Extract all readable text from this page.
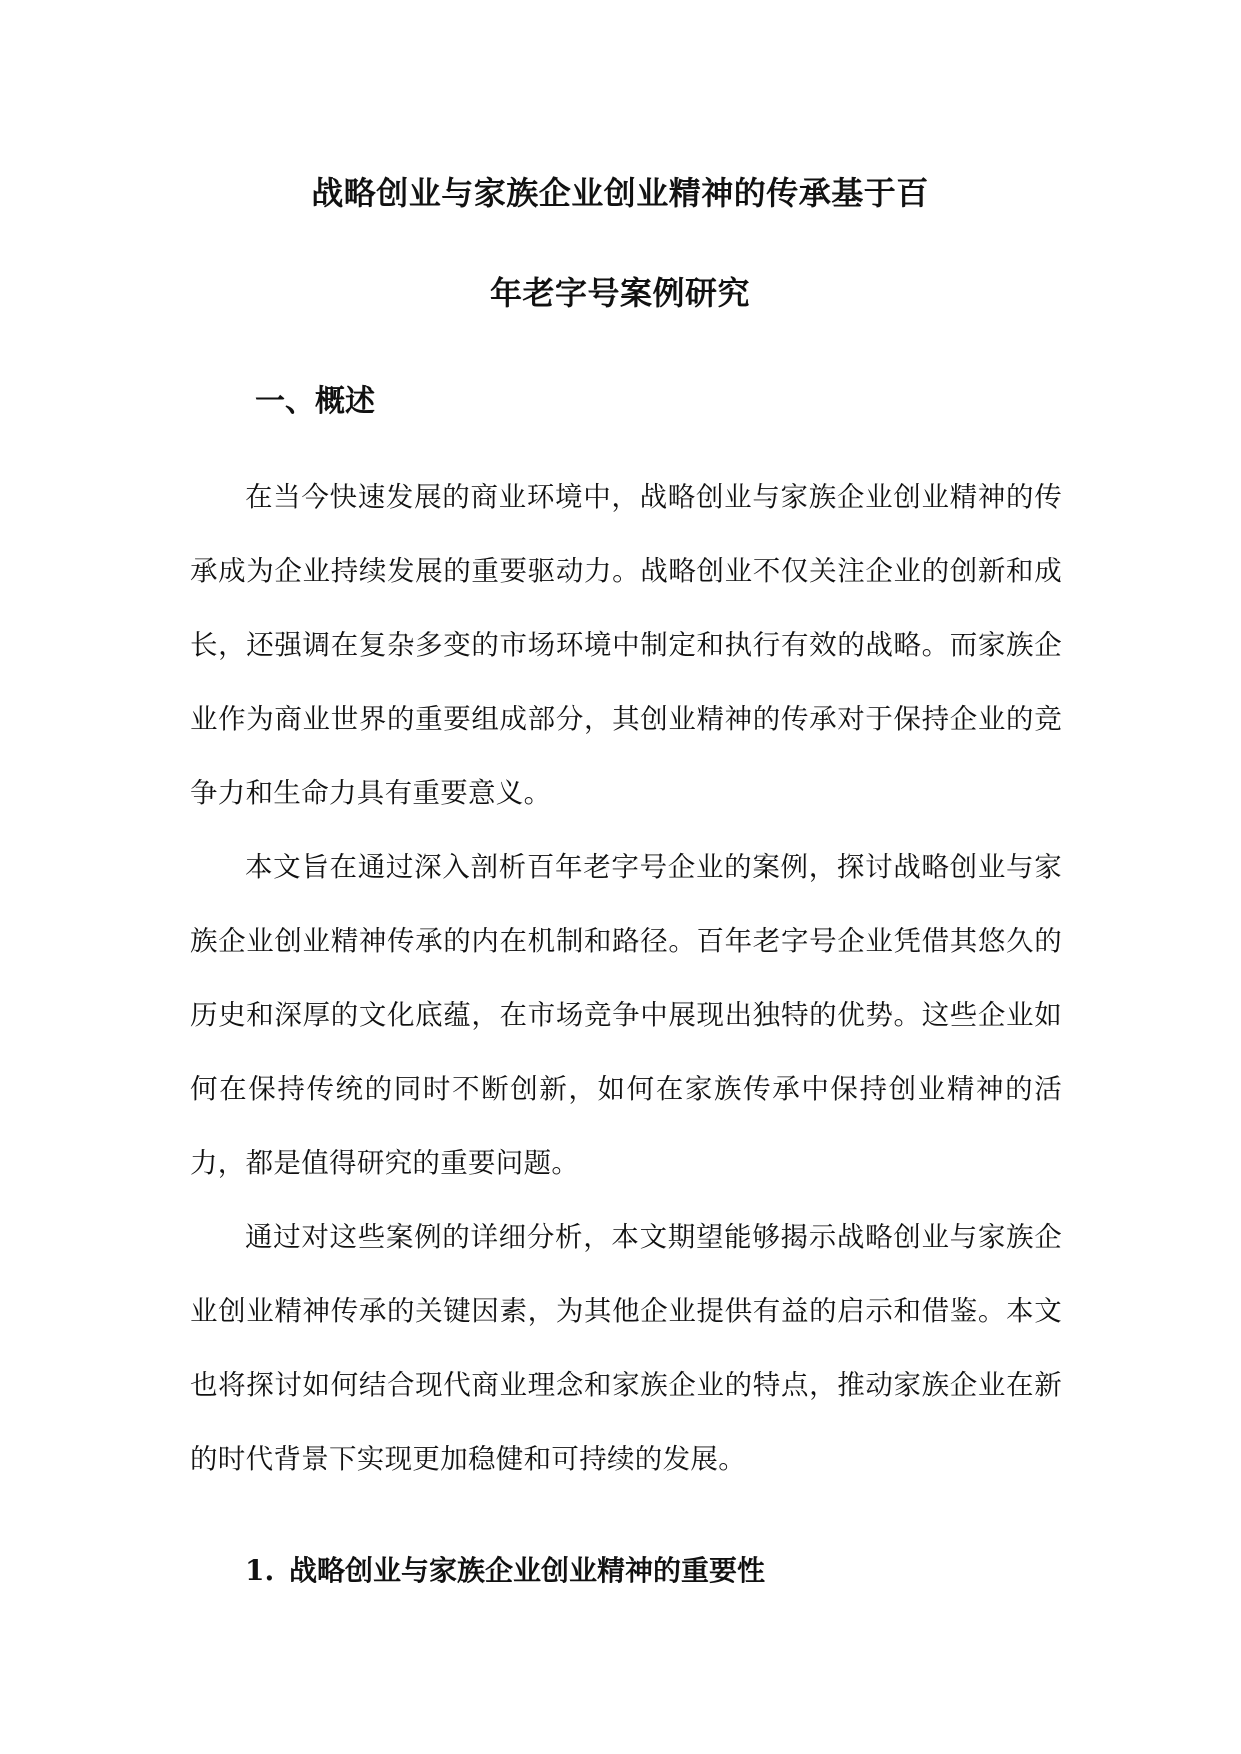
战略创业与家族企业创业精神的传承基于百
年老字号案例研究
一、概述

在当今快速发展的商业环境中，战略创业与家族企业创业精神的传承成为企业持续发展的重要驱动力。战略创业不仅关注企业的创新和成长，还强调在复杂多变的市场环境中制定和执行有效的战略。而家族企业作为商业世界的重要组成部分，其创业精神的传承对于保持企业的竞争力和生命力具有重要意义。

本文旨在通过深入剖析百年老字号企业的案例，探讨战略创业与家族企业创业精神传承的内在机制和路径。百年老字号企业凭借其悠久的历史和深厚的文化底蕴，在市场竞争中展现出独特的优势。这些企业如何在保持传统的同时不断创新，如何在家族传承中保持创业精神的活力，都是值得研究的重要问题。

通过对这些案例的详细分析，本文期望能够揭示战略创业与家族企业创业精神传承的关键因素，为其他企业提供有益的启示和借鉴。本文也将探讨如何结合现代商业理念和家族企业的特点，推动家族企业在新的时代背景下实现更加稳健和可持续的发展。

1. 战略创业与家族企业创业精神的重要性
